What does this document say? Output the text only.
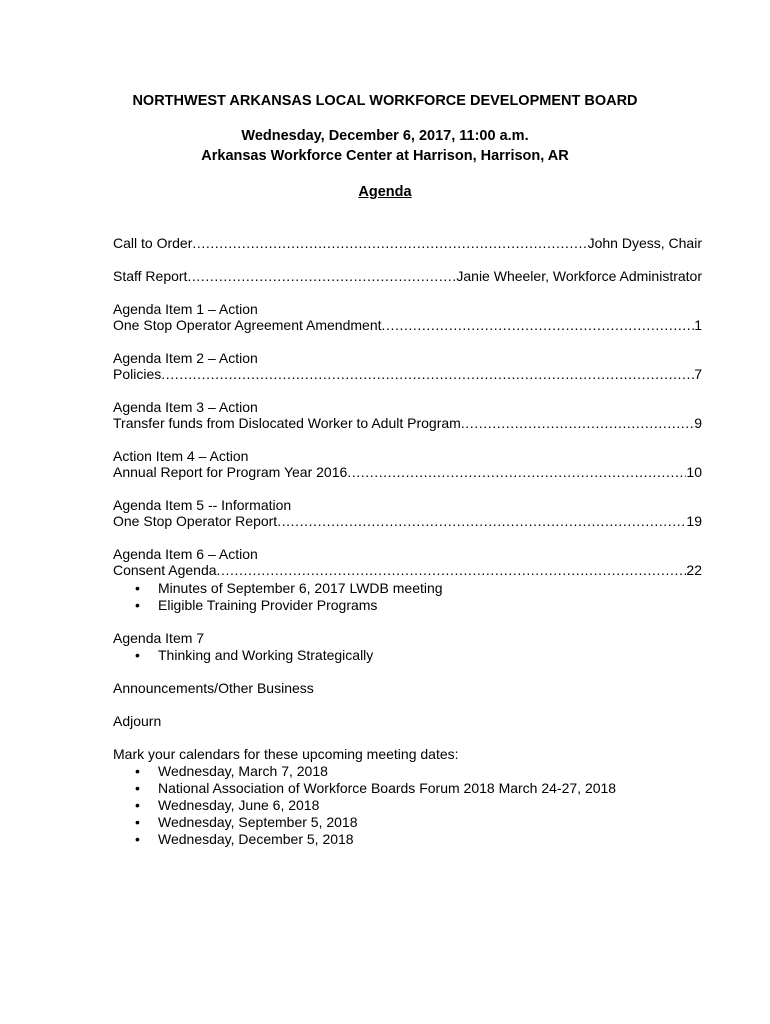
NORTHWEST ARKANSAS LOCAL WORKFORCE DEVELOPMENT BOARD
Wednesday, December 6, 2017, 11:00 a.m.
Arkansas Workforce Center at Harrison, Harrison, AR
Agenda
Call to Order .....	John Dyess, Chair
Staff Report .....	Janie Wheeler, Workforce Administrator
Agenda Item 1 – Action
One Stop Operator Agreement Amendment .....	1
Agenda Item 2 – Action
Policies .....	7
Agenda Item 3 – Action
Transfer funds from Dislocated Worker to Adult Program .....	9
Action Item 4 – Action
Annual Report for Program Year 2016 .....	10
Agenda Item 5 -- Information
One Stop Operator Report .....	19
Agenda Item 6 – Action
Consent Agenda .....	22
• Minutes of September 6, 2017 LWDB meeting
• Eligible Training Provider Programs
Agenda Item 7
• Thinking and Working Strategically
Announcements/Other Business
Adjourn
Mark your calendars for these upcoming meeting dates:
• Wednesday, March 7, 2018
• National Association of Workforce Boards Forum 2018 March 24-27, 2018
• Wednesday, June 6, 2018
• Wednesday, September 5, 2018
• Wednesday, December 5, 2018
